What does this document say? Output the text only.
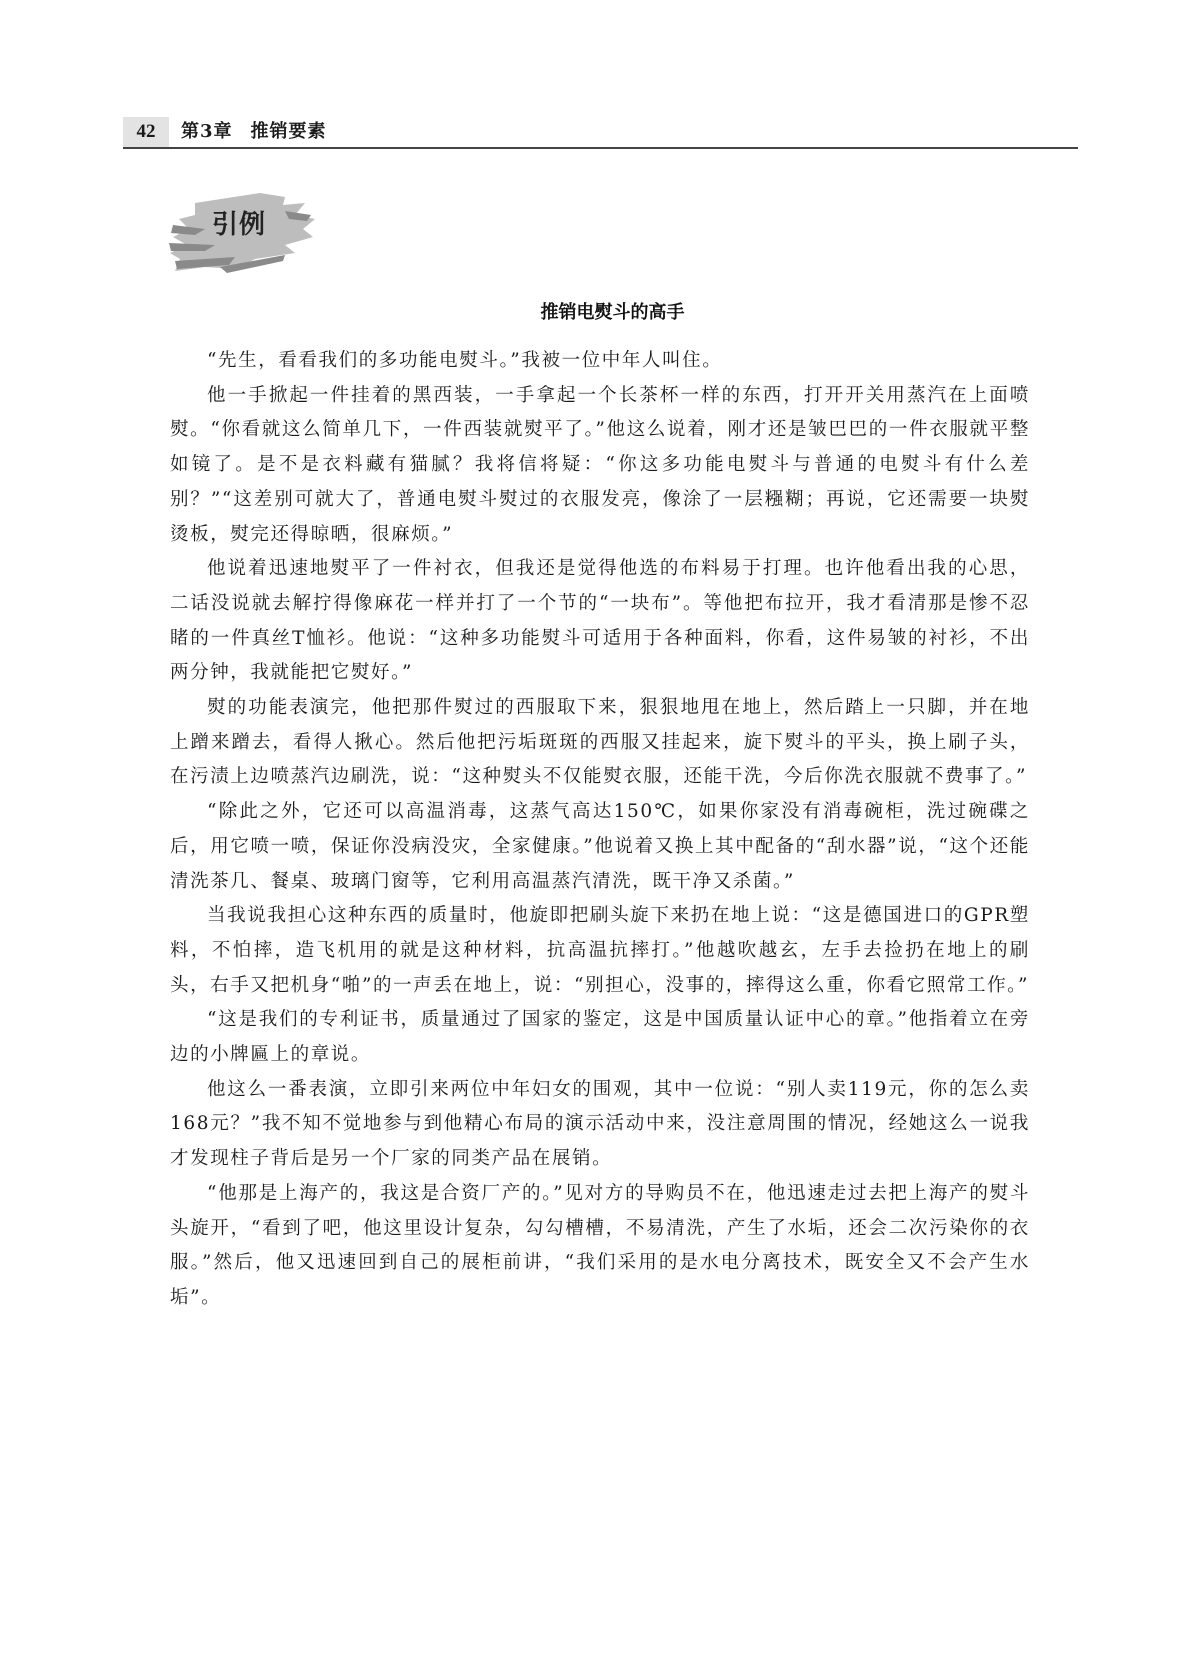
42	第3章 推销要素
引例
推销电熨斗的高手

“先生，看看我们的多功能电熨斗。”我被一位中年人叫住。

他一手掀起一件挂着的黑西装，一手拿起一个长茶杯一样的东西，打开开关用蒸汽在上面喷熨。“你看就这么简单几下，一件西装就熨平了。”他这么说着，刚才还是皱巴巴的一件衣服就平整如镜了。是不是衣料藏有猫腻？我将信将疑：“你这多功能电熨斗与普通的电熨斗有什么差别？”“这差别可就大了，普通电熨斗熨过的衣服发亮，像涂了一层糨糊；再说，它还需要一块熨烫板，熨完还得晾晒，很麻烦。”

他说着迅速地熨平了一件衬衣，但我还是觉得他选的布料易于打理。也许他看出我的心思，二话没说就去解拧得像麻花一样并打了一个节的“一块布”。等他把布拉开，我才看清那是惨不忍睹的一件真丝T恤衫。他说：“这种多功能熨斗可适用于各种面料，你看，这件易皱的衬衫，不出两分钟，我就能把它熨好。”

熨的功能表演完，他把那件熨过的西服取下来，狠狠地甩在地上，然后踏上一只脚，并在地上蹭来蹭去，看得人揪心。然后他把污垢斑斑的西服又挂起来，旋下熨斗的平头，换上刷子头，在污渍上边喷蒸汽边刷洗，说：“这种熨头不仅能熨衣服，还能干洗，今后你洗衣服就不费事了。”

“除此之外，它还可以高温消毒，这蒸气高达150℃，如果你家没有消毒碗柜，洗过碗碟之后，用它喷一喷，保证你没病没灾，全家健康。”他说着又换上其中配备的“刮水器”说，“这个还能清洗茶几、餐桌、玻璃门窗等，它利用高温蒸汽清洗，既干净又杀菌。”

当我说我担心这种东西的质量时，他旋即把刷头旋下来扔在地上说：“这是德国进口的GPR塑料，不怕摔，造飞机用的就是这种材料，抗高温抗摔打。”他越吹越玄，左手去捡扔在地上的刷头，右手又把机身“啪”的一声丢在地上，说：“别担心，没事的，摔得这么重，你看它照常工作。”

“这是我们的专利证书，质量通过了国家的鉴定，这是中国质量认证中心的章。”他指着立在旁边的小牌匾上的章说。

他这么一番表演，立即引来两位中年妇女的围观，其中一位说：“别人卖119元，你的怎么卖168元？”我不知不觉地参与到他精心布局的演示活动中来，没注意周围的情况，经她这么一说我才发现柱子背后是另一个厂家的同类产品在展销。

“他那是上海产的，我这是合资厂产的。”见对方的导购员不在，他迅速走过去把上海产的熨斗头旋开，“看到了吧，他这里设计复杂，勾勾槽槽，不易清洗，产生了水垢，还会二次污染你的衣服。”然后，他又迅速回到自己的展柜前讲，“我们采用的是水电分离技术，既安全又不会产生水垢”。
